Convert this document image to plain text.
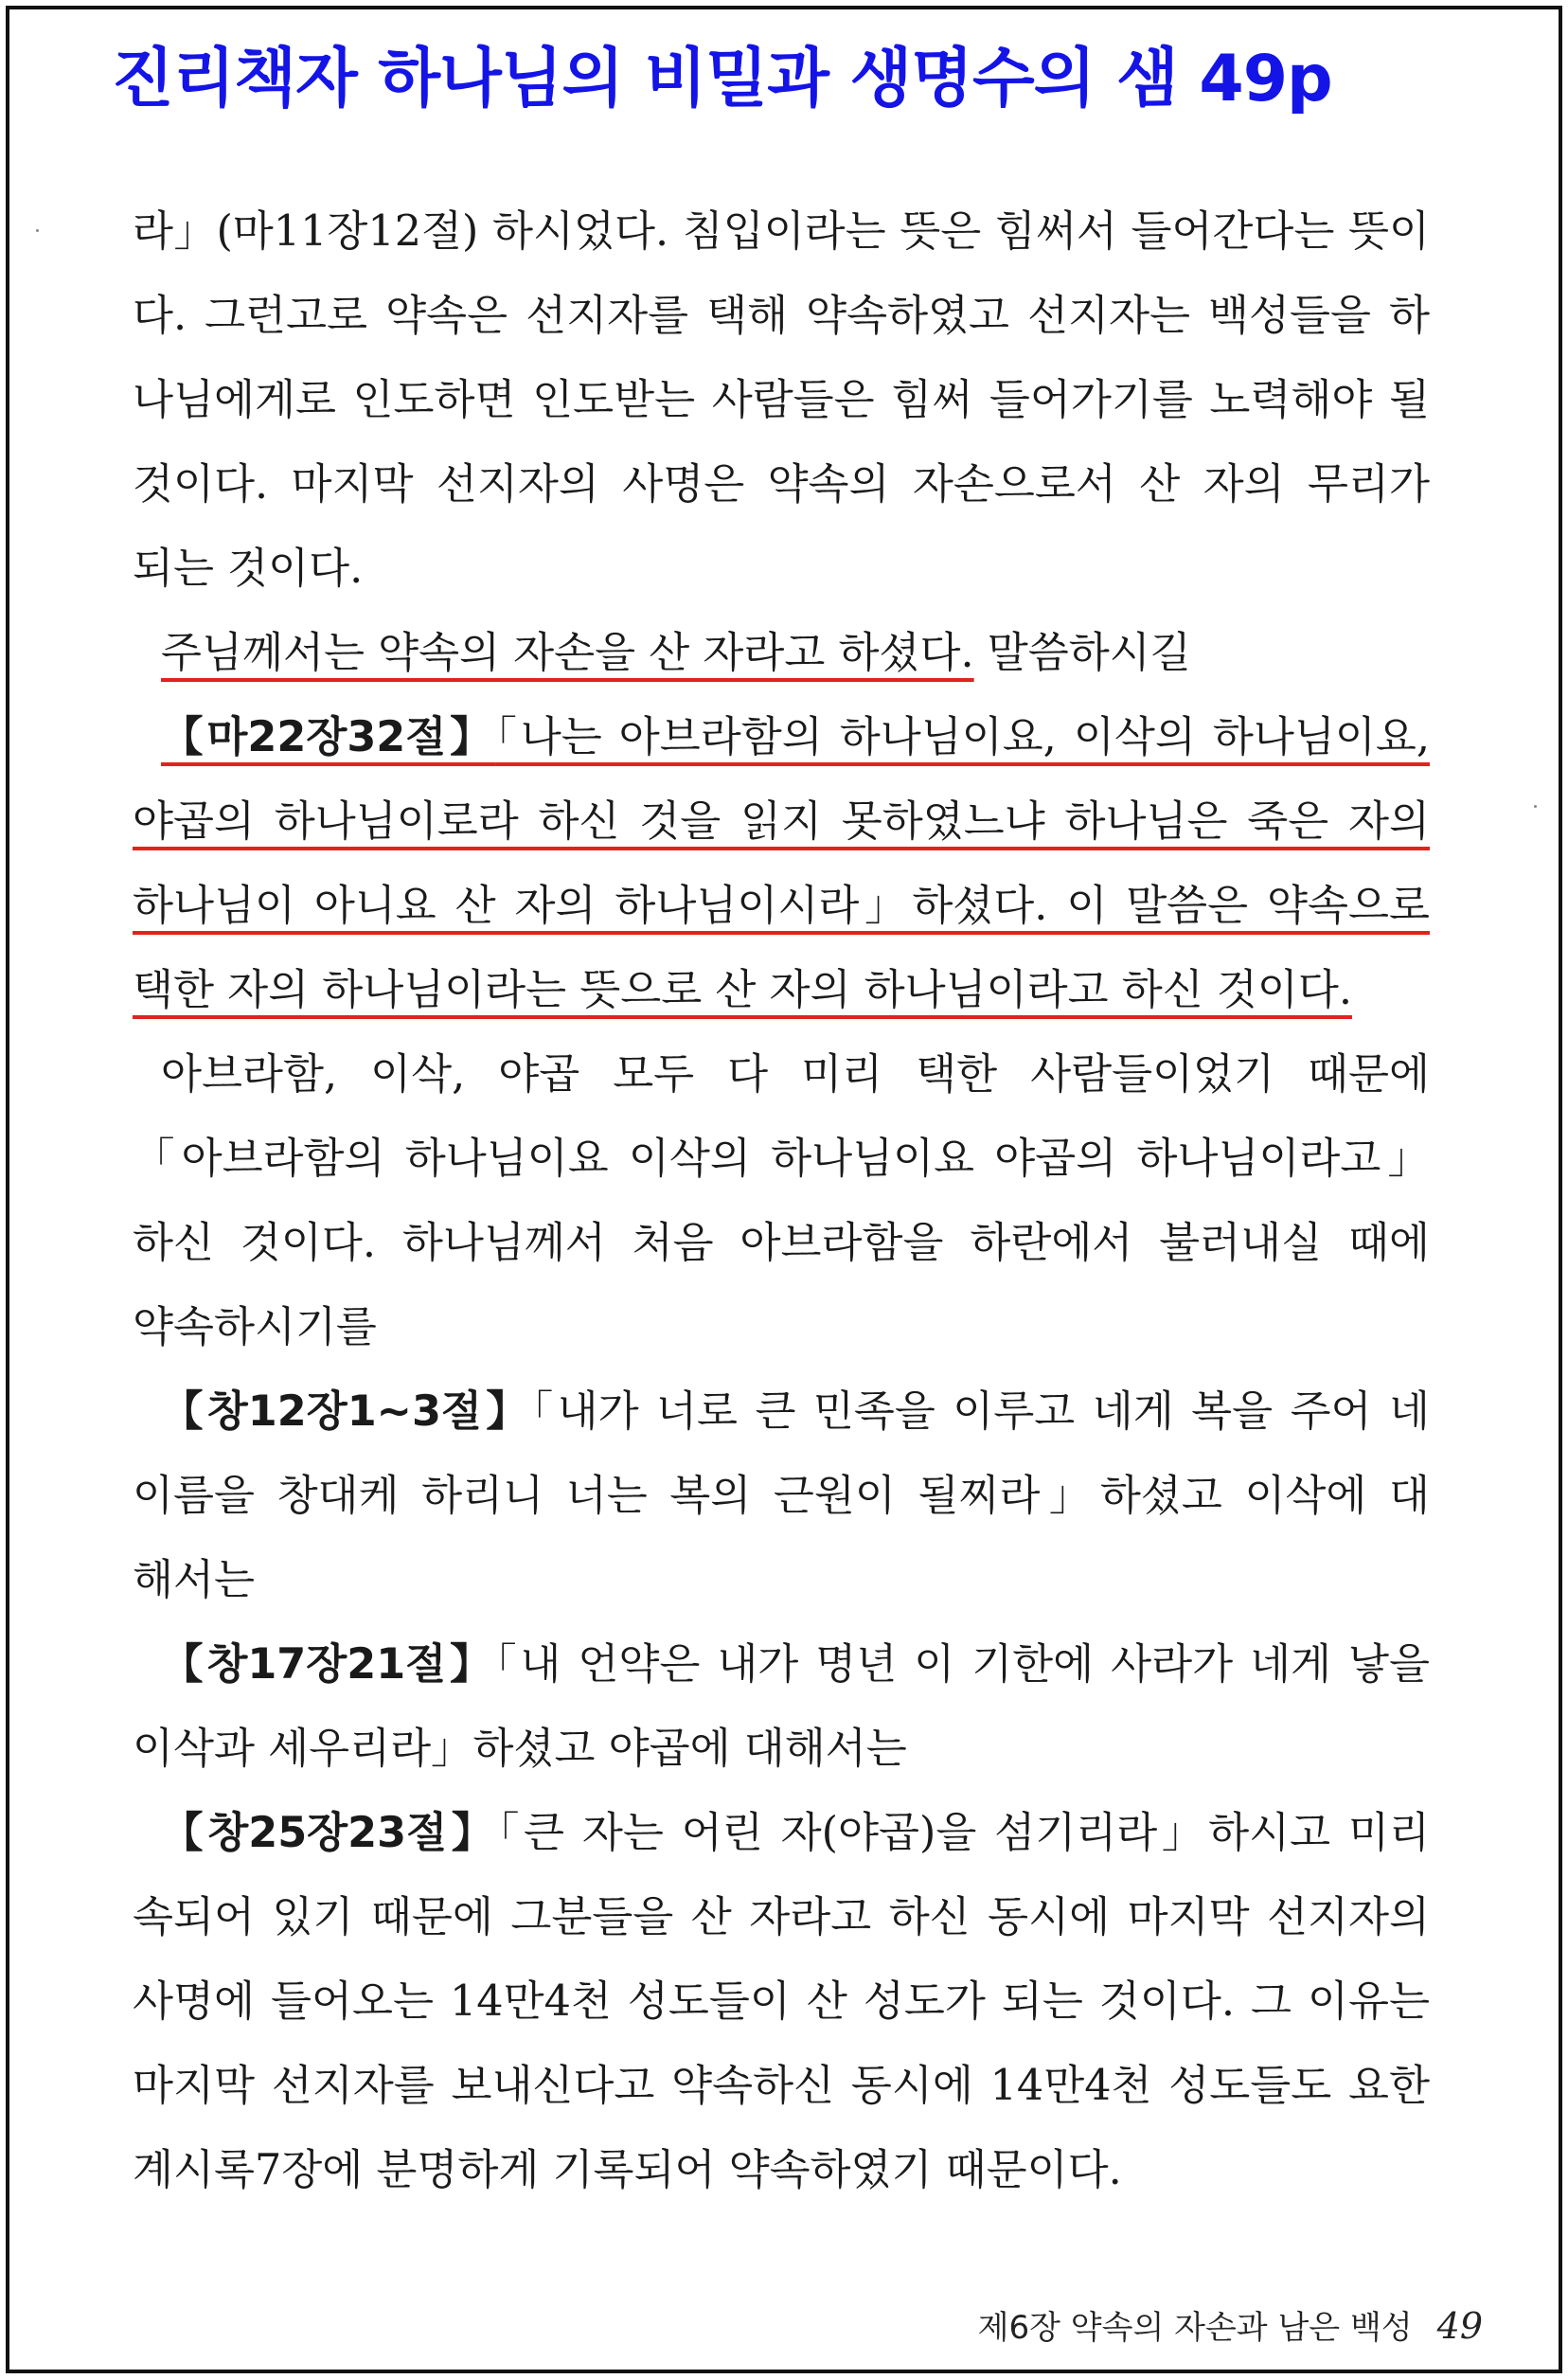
진리책자 하나님의 비밀과 생명수의 샘 49p
라」(마11장12절) 하시었다. 침입이라는 뜻은 힘써서 들어간다는 뜻이
다. 그런고로 약속은 선지자를 택해 약속하였고 선지자는 백성들을 하
나님에게로 인도하면 인도받는 사람들은 힘써 들어가기를 노력해야 될
것이다. 마지막 선지자의 사명은 약속의 자손으로서 산 자의 무리가
되는 것이다.
주님께서는 약속의 자손을 산 자라고 하셨다. 말씀하시길
【마22장32절】「나는 아브라함의 하나님이요, 이삭의 하나님이요,
야곱의 하나님이로라 하신 것을 읽지 못하였느냐 하나님은 죽은 자의
하나님이 아니요 산 자의 하나님이시라」하셨다. 이 말씀은 약속으로
택한 자의 하나님이라는 뜻으로 산 자의 하나님이라고 하신 것이다.
아브라함, 이삭, 야곱 모두 다 미리 택한 사람들이었기 때문에
「아브라함의 하나님이요 이삭의 하나님이요 야곱의 하나님이라고」
하신 것이다. 하나님께서 처음 아브라함을 하란에서 불러내실 때에
약속하시기를
【창12장1~3절】「내가 너로 큰 민족을 이루고 네게 복을 주어 네
이름을 창대케 하리니 너는 복의 근원이 될찌라」하셨고 이삭에 대
해서는
【창17장21절】「내 언약은 내가 명년 이 기한에 사라가 네게 낳을
이삭과 세우리라」하셨고 야곱에 대해서는
【창25장23절】「큰 자는 어린 자(야곱)을 섬기리라」하시고 미리
속되어 있기 때문에 그분들을 산 자라고 하신 동시에 마지막 선지자의
사명에 들어오는 14만4천 성도들이 산 성도가 되는 것이다. 그 이유는
마지막 선지자를 보내신다고 약속하신 동시에 14만4천 성도들도 요한
계시록7장에 분명하게 기록되어 약속하였기 때문이다.
제6장 약속의 자손과 남은 백성 49
